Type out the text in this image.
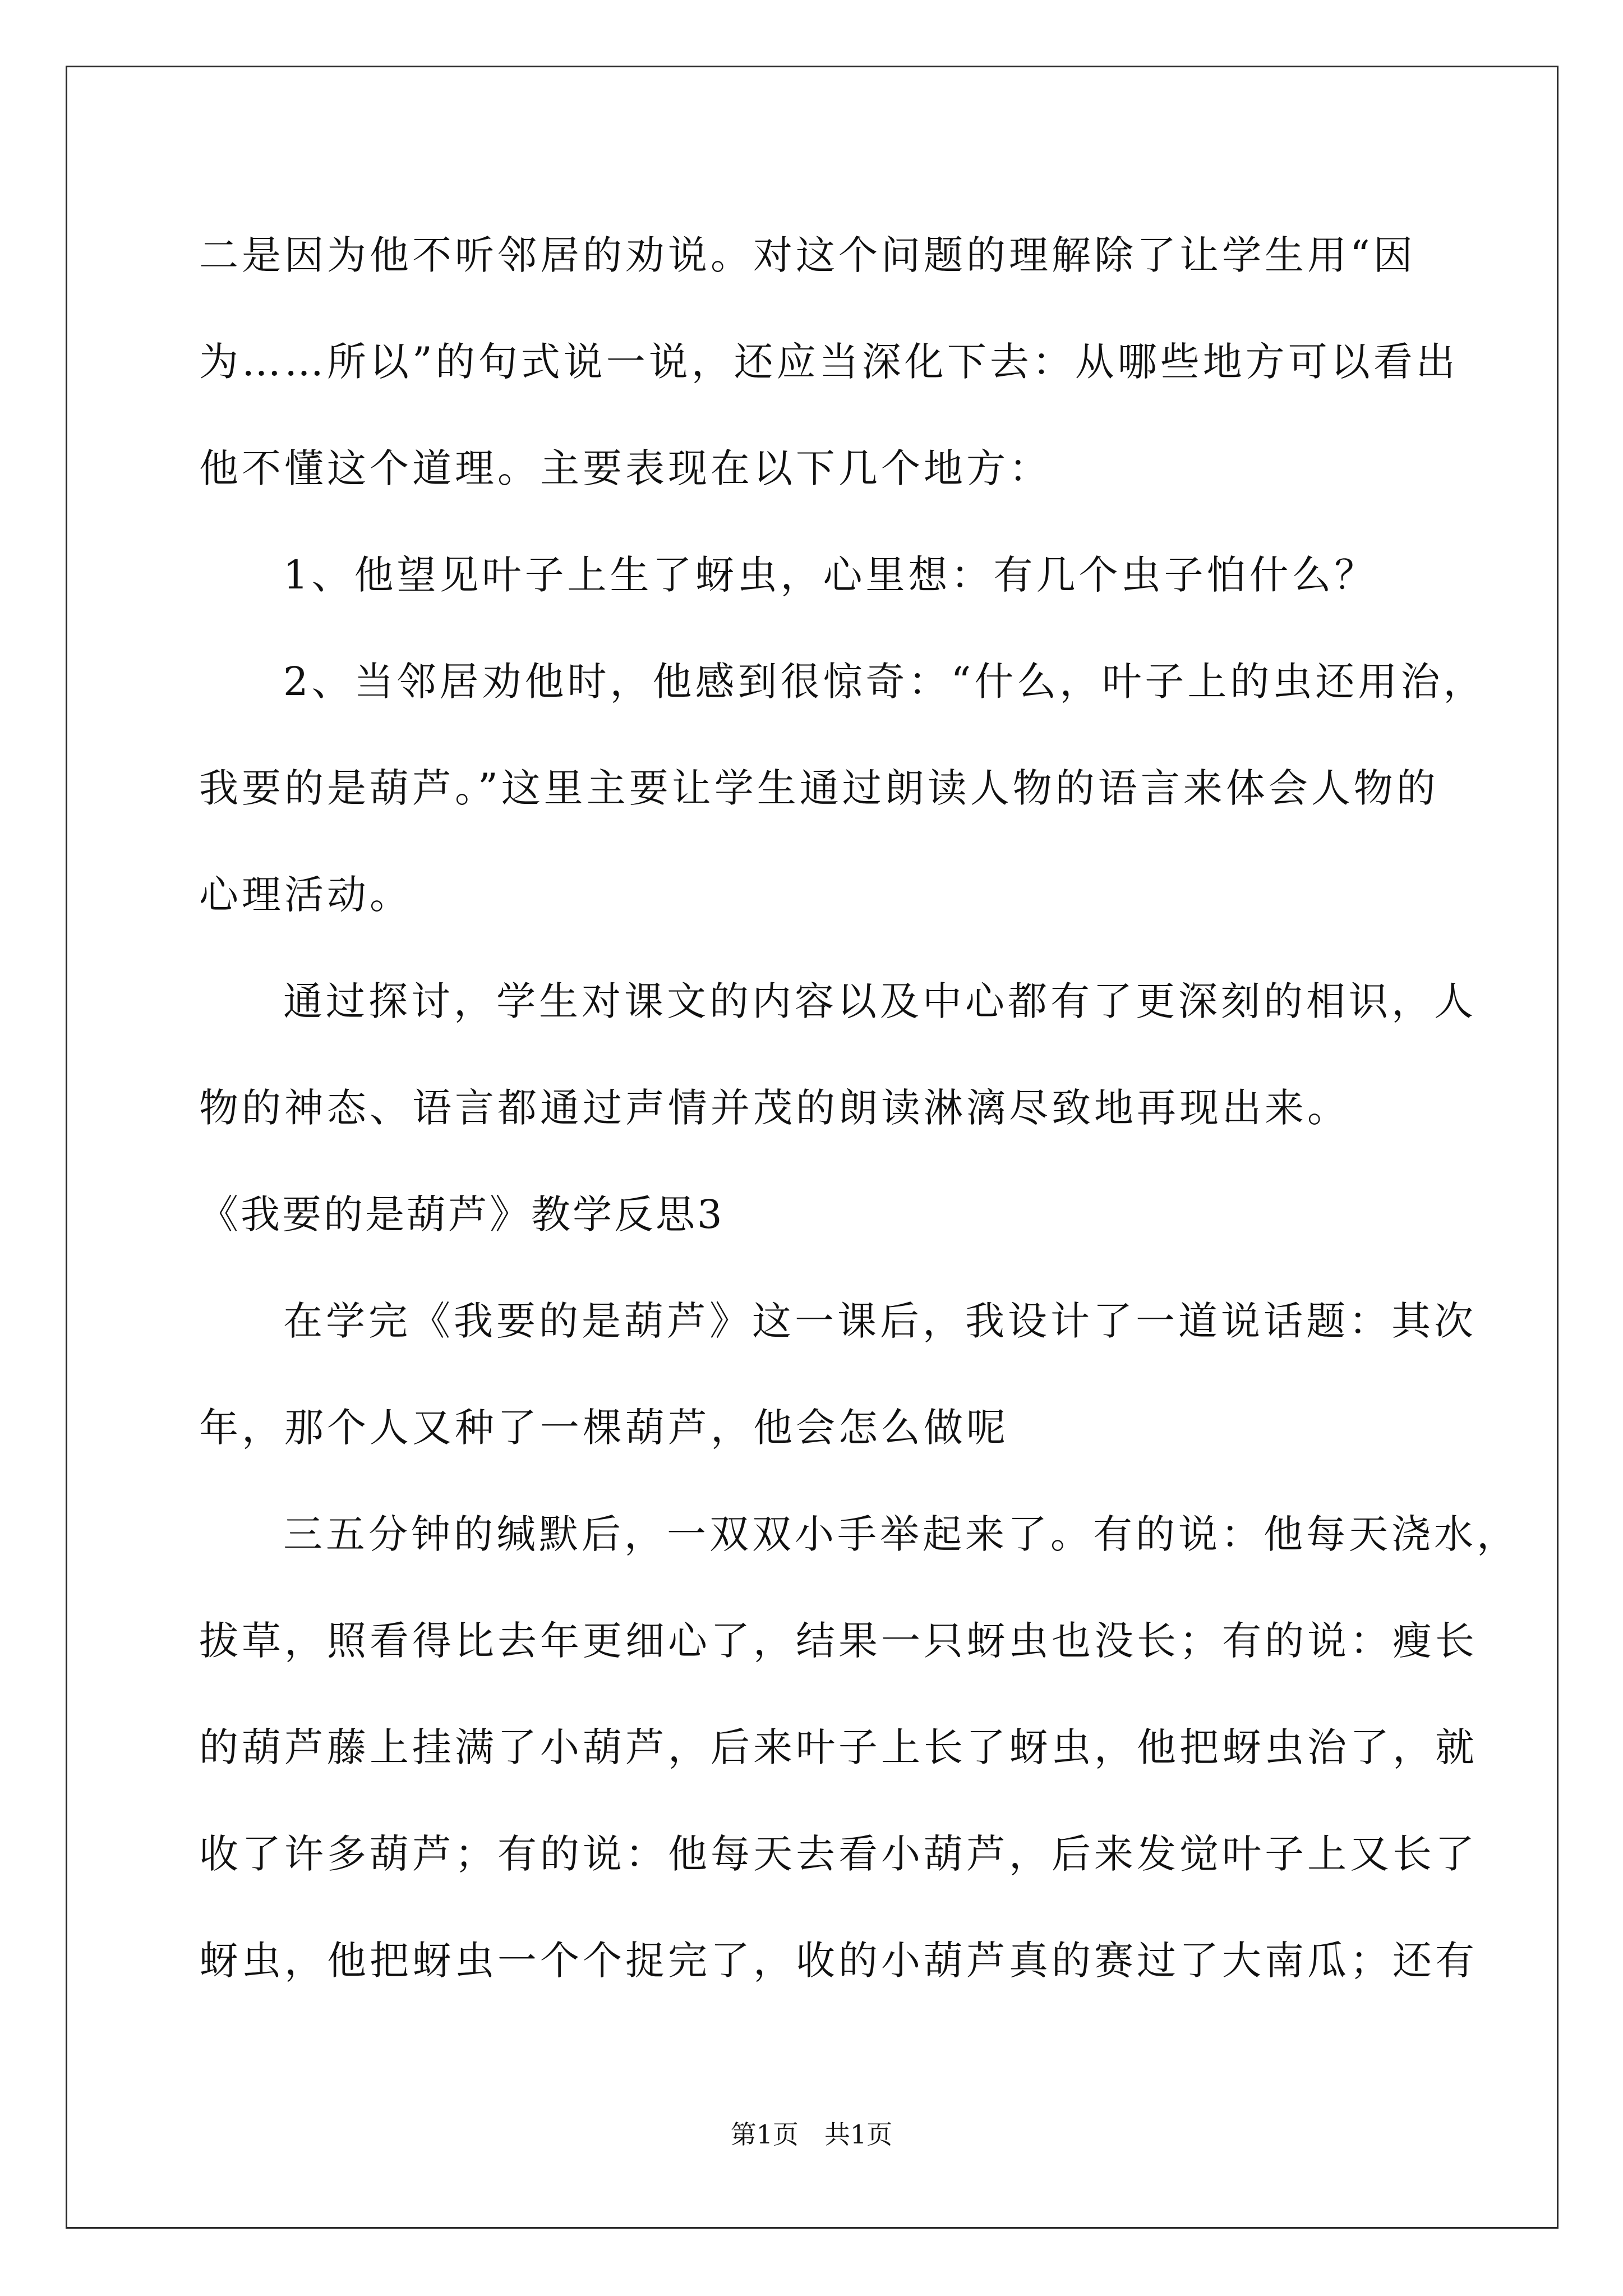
二是因为他不听邻居的劝说。对这个问题的理解除了让学生用“因
为……所以”的句式说一说，还应当深化下去：从哪些地方可以看出
他不懂这个道理。主要表现在以下几个地方：
1、他望见叶子上生了蚜虫，心里想：有几个虫子怕什么？
2、当邻居劝他时，他感到很惊奇：“什么，叶子上的虫还用治，
我要的是葫芦。”这里主要让学生通过朗读人物的语言来体会人物的
心理活动。
通过探讨，学生对课文的内容以及中心都有了更深刻的相识，人
物的神态、语言都通过声情并茂的朗读淋漓尽致地再现出来。
《我要的是葫芦》教学反思3
在学完《我要的是葫芦》这一课后，我设计了一道说话题：其次
年，那个人又种了一棵葫芦，他会怎么做呢
三五分钟的缄默后，一双双小手举起来了。有的说：他每天浇水，
拔草，照看得比去年更细心了，结果一只蚜虫也没长；有的说：瘦长
的葫芦藤上挂满了小葫芦，后来叶子上长了蚜虫，他把蚜虫治了，就
收了许多葫芦；有的说：他每天去看小葫芦，后来发觉叶子上又长了
蚜虫，他把蚜虫一个个捉完了，收的小葫芦真的赛过了大南瓜；还有
第1页 共1页
